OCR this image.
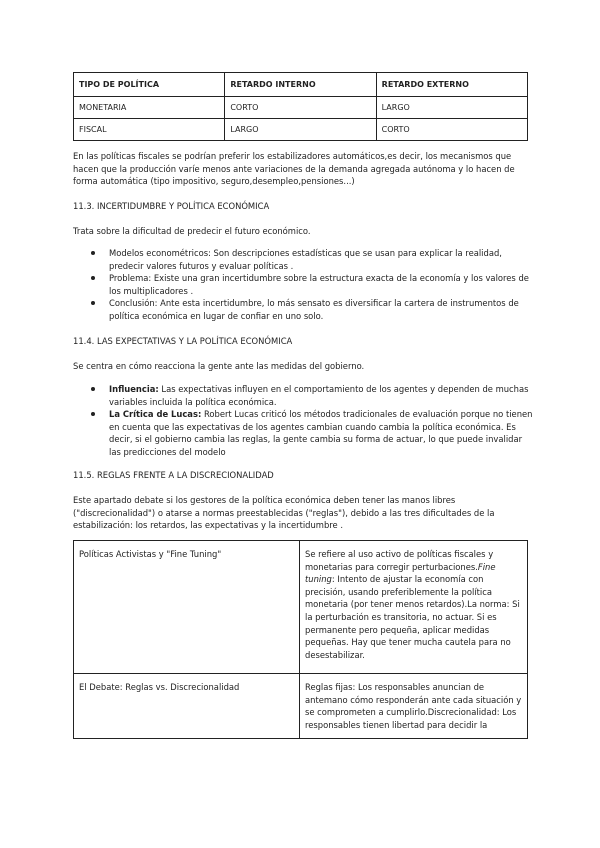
TIPO DE POLÍTICA	RETARDO INTERNO	RETARDO EXTERNO
MONETARIA	CORTO	LARGO
FISCAL	LARGO	CORTO
En las políticas fiscales se podrían preferir los estabilizadores automáticos,es decir, los mecanismos que hacen que la producción varíe menos ante variaciones de la demanda agregada autónoma y lo hacen de forma automática (tipo impositivo, seguro,desempleo,pensiones...)
11.3. INCERTIDUMBRE Y POLÍTICA ECONÓMICA
Trata sobre la dificultad de predecir el futuro económico.
Modelos econométricos: Son descripciones estadísticas que se usan para explicar la realidad, predecir valores futuros y evaluar políticas .
Problema: Existe una gran incertidumbre sobre la estructura exacta de la economía y los valores de los multiplicadores .
Conclusión: Ante esta incertidumbre, lo más sensato es diversificar la cartera de instrumentos de política económica en lugar de confiar en uno solo.
11.4. LAS EXPECTATIVAS Y LA POLÍTICA ECONÓMICA
Se centra en cómo reacciona la gente ante las medidas del gobierno.
Influencia: Las expectativas influyen en el comportamiento de los agentes y dependen de muchas variables incluida la política económica.
La Crítica de Lucas: Robert Lucas criticó los métodos tradicionales de evaluación porque no tienen en cuenta que las expectativas de los agentes cambian cuando cambia la política económica. Es decir, si el gobierno cambia las reglas, la gente cambia su forma de actuar, lo que puede invalidar las predicciones del modelo
11.5. REGLAS FRENTE A LA DISCRECIONALIDAD
Este apartado debate si los gestores de la política económica deben tener las manos libres ("discrecionalidad") o atarse a normas preestablecidas ("reglas"), debido a las tres dificultades de la estabilización: los retardos, las expectativas y la incertidumbre .
Políticas Activistas y "Fine Tuning"	Se refiere al uso activo de políticas fiscales y monetarias para corregir perturbaciones.Fine tuning: Intento de ajustar la economía con precisión, usando preferiblemente la política monetaria (por tener menos retardos).La norma: Si la perturbación es transitoria, no actuar. Si es permanente pero pequeña, aplicar medidas pequeñas. Hay que tener mucha cautela para no desestabilizar.
El Debate: Reglas vs. Discrecionalidad	Reglas fijas: Los responsables anuncian de antemano cómo responderán ante cada situación y se comprometen a cumplirlo.Discrecionalidad: Los responsables tienen libertad para decidir la
